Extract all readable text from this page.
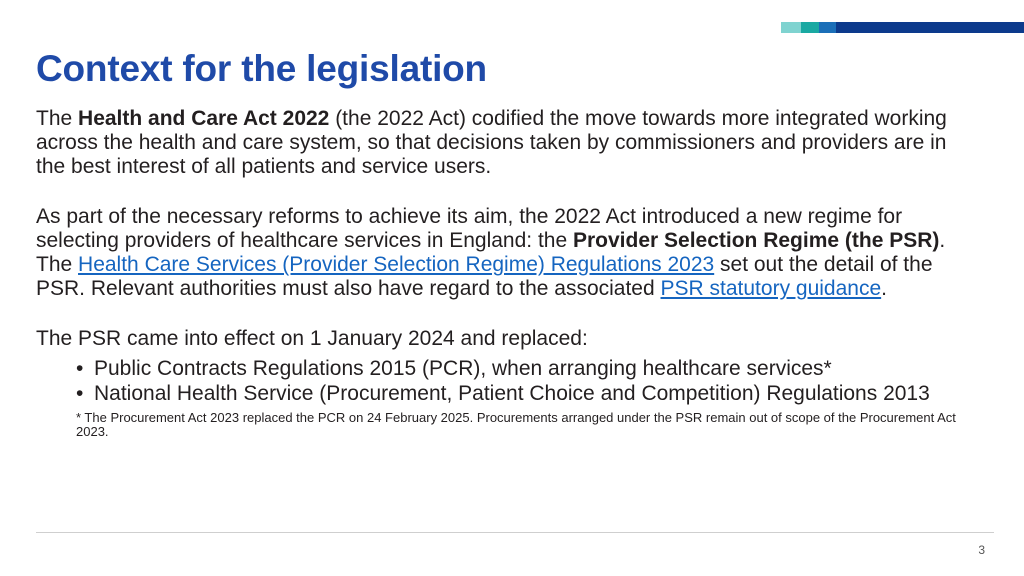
Context for the legislation

The Health and Care Act 2022 (the 2022 Act) codified the move towards more integrated working across the health and care system, so that decisions taken by commissioners and providers are in the best interest of all patients and service users.

As part of the necessary reforms to achieve its aim, the 2022 Act introduced a new regime for selecting providers of healthcare services in England: the Provider Selection Regime (the PSR). The Health Care Services (Provider Selection Regime) Regulations 2023 set out the detail of the PSR. Relevant authorities must also have regard to the associated PSR statutory guidance.

The PSR came into effect on 1 January 2024 and replaced:

• Public Contracts Regulations 2015 (PCR), when arranging healthcare services*
• National Health Service (Procurement, Patient Choice and Competition) Regulations 2013

* The Procurement Act 2023 replaced the PCR on 24 February 2025. Procurements arranged under the PSR remain out of scope of the Procurement Act 2023.

3
